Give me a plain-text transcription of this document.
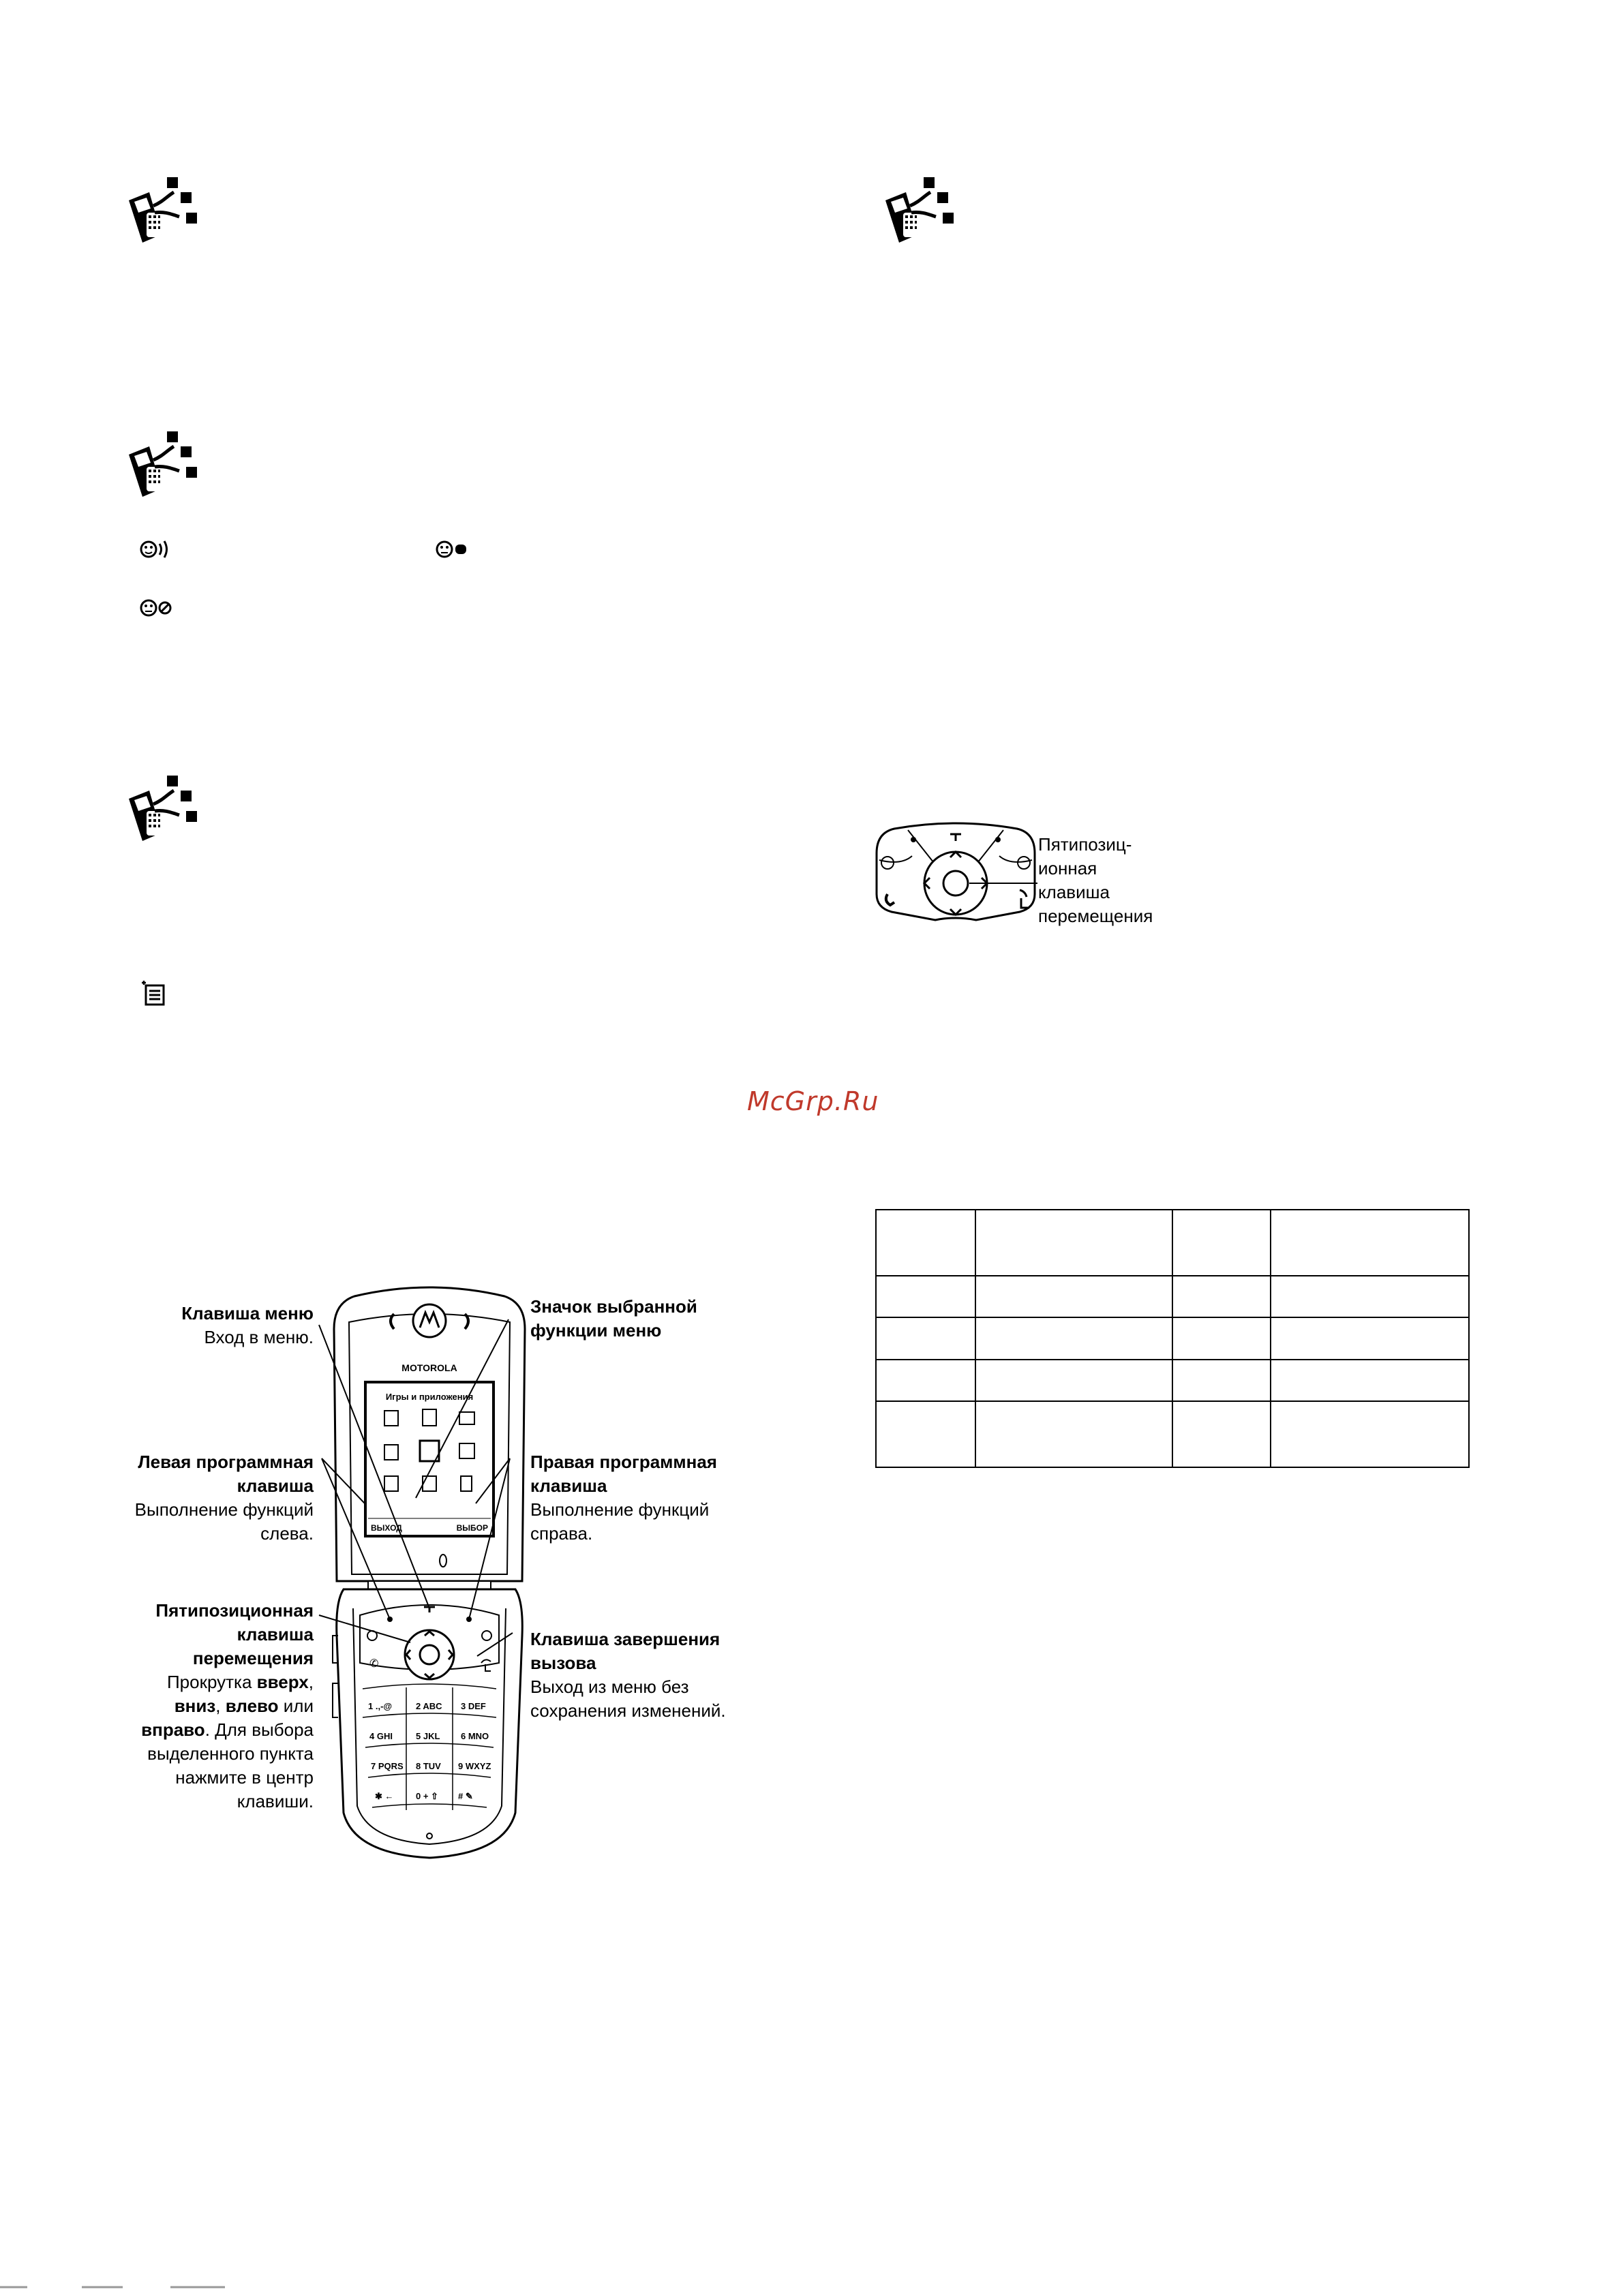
Пятипозиц-
ионная
клавиша
перемещения
McGrp.Ru

MOTOROLA
Игры и приложения
ВЫХОД	ВЫБОР
✆
1 .,-@	2 ABC 3 DEF
4 GHI	5 JKL 6 MNO
7 PQRS 8 TUV 9 WXYZ
✱ ← 0 + ⇧ # ✎
Клавиша меню
Вход в меню.
Левая программная
клавиша
Выполнение функций
слева.
Пятипозиционная
клавиша
перемещения
Прокрутка вверх,
вниз, влево или
вправо. Для выбора
выделенного пункта
нажмите в центр
клавиши.
Значок выбранной
функции меню
Правая программная
клавиша
Выполнение функций
справа.
Клавиша завершения
вызова
Выход из меню без
сохранения изменений.
